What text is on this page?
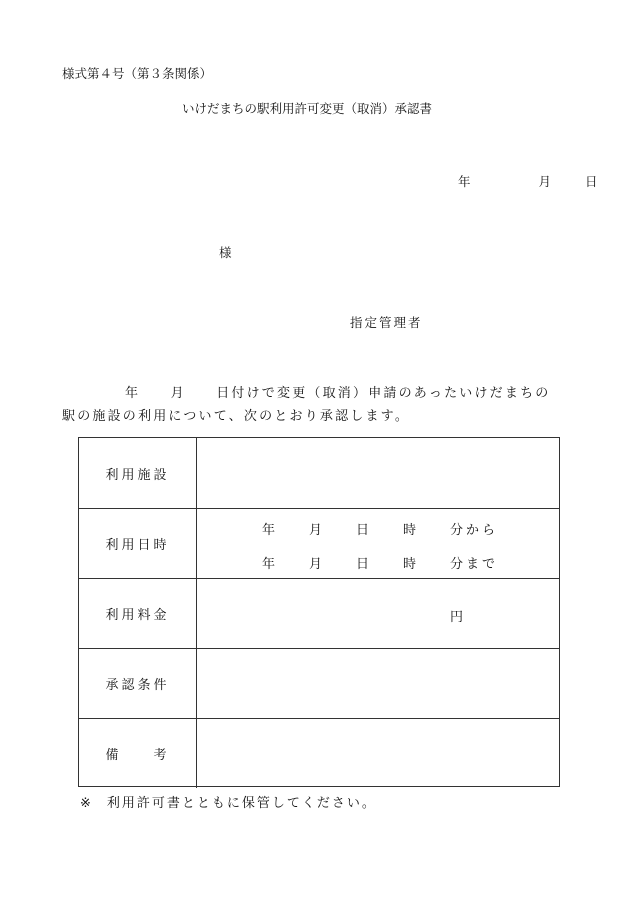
様式第４号（第３条関係）
いけだまちの駅利用許可変更（取消）承認書
年	月	日
様
指定管理者
年　　月　　日付けで変更（取消）申請のあったいけだまちの
駅の施設の利用について、次のとおり承認します。
利用施設
利用日時
年	月	日	時	分から
年	月	日	時	分まで
利用料金	円
承認条件
備　　考
※ 利用許可書とともに保管してください。
